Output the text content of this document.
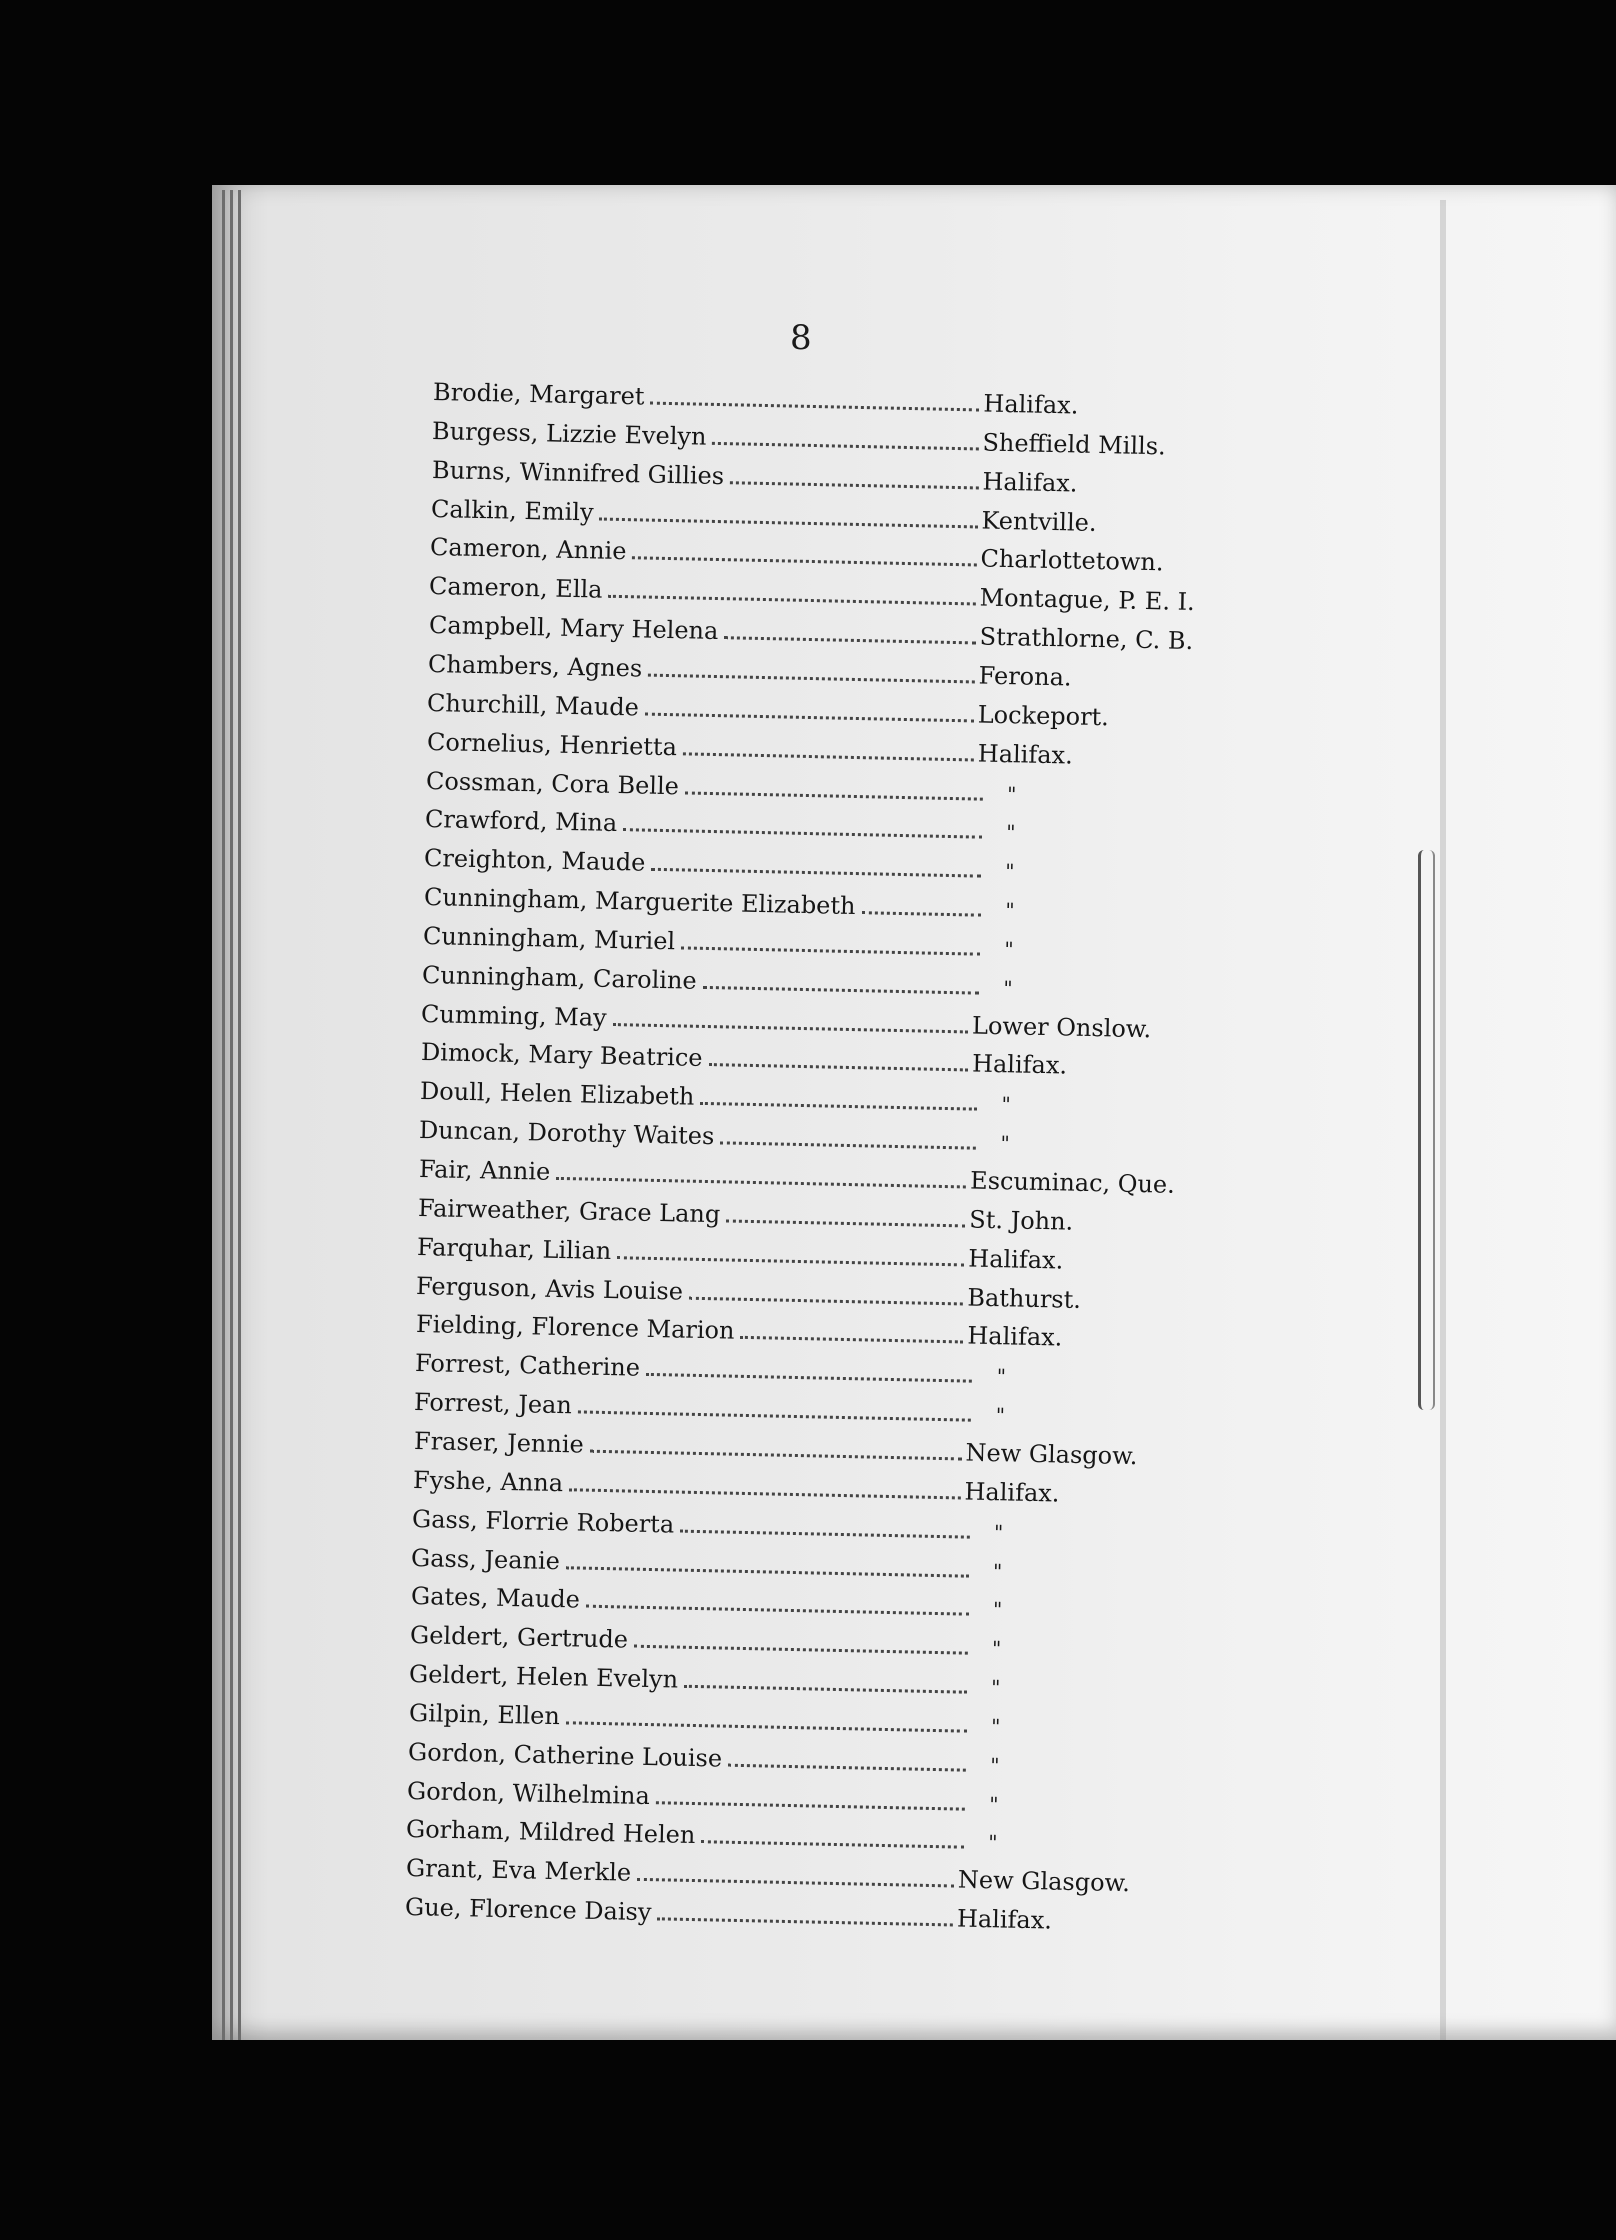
8
Brodie, Margaret	Halifax.
Burgess, Lizzie Evelyn	Sheffield Mills.
Burns, Winnifred Gillies	Halifax.
Calkin, Emily	Kentville.
Cameron, Annie	Charlottetown.
Cameron, Ella	Montague, P. E. I.
Campbell, Mary Helena	Strathlorne, C. B.
Chambers, Agnes	Ferona.
Churchill, Maude	Lockeport.
Cornelius, Henrietta	Halifax.
Cossman, Cora Belle	"
Crawford, Mina	"
Creighton, Maude	"
Cunningham, Marguerite Elizabeth	"
Cunningham, Muriel	"
Cunningham, Caroline	"
Cumming, May	Lower Onslow.
Dimock, Mary Beatrice	Halifax.
Doull, Helen Elizabeth	"
Duncan, Dorothy Waites	"
Fair, Annie	Escuminac, Que.
Fairweather, Grace Lang	St. John.
Farquhar, Lilian	Halifax.
Ferguson, Avis Louise	Bathurst.
Fielding, Florence Marion	Halifax.
Forrest, Catherine	"
Forrest, Jean	"
Fraser, Jennie	New Glasgow.
Fyshe, Anna	Halifax.
Gass, Florrie Roberta	"
Gass, Jeanie	"
Gates, Maude	"
Geldert, Gertrude	"
Geldert, Helen Evelyn	"
Gilpin, Ellen	"
Gordon, Catherine Louise	"
Gordon, Wilhelmina	"
Gorham, Mildred Helen	"
Grant, Eva Merkle	New Glasgow.
Gue, Florence Daisy	Halifax.
